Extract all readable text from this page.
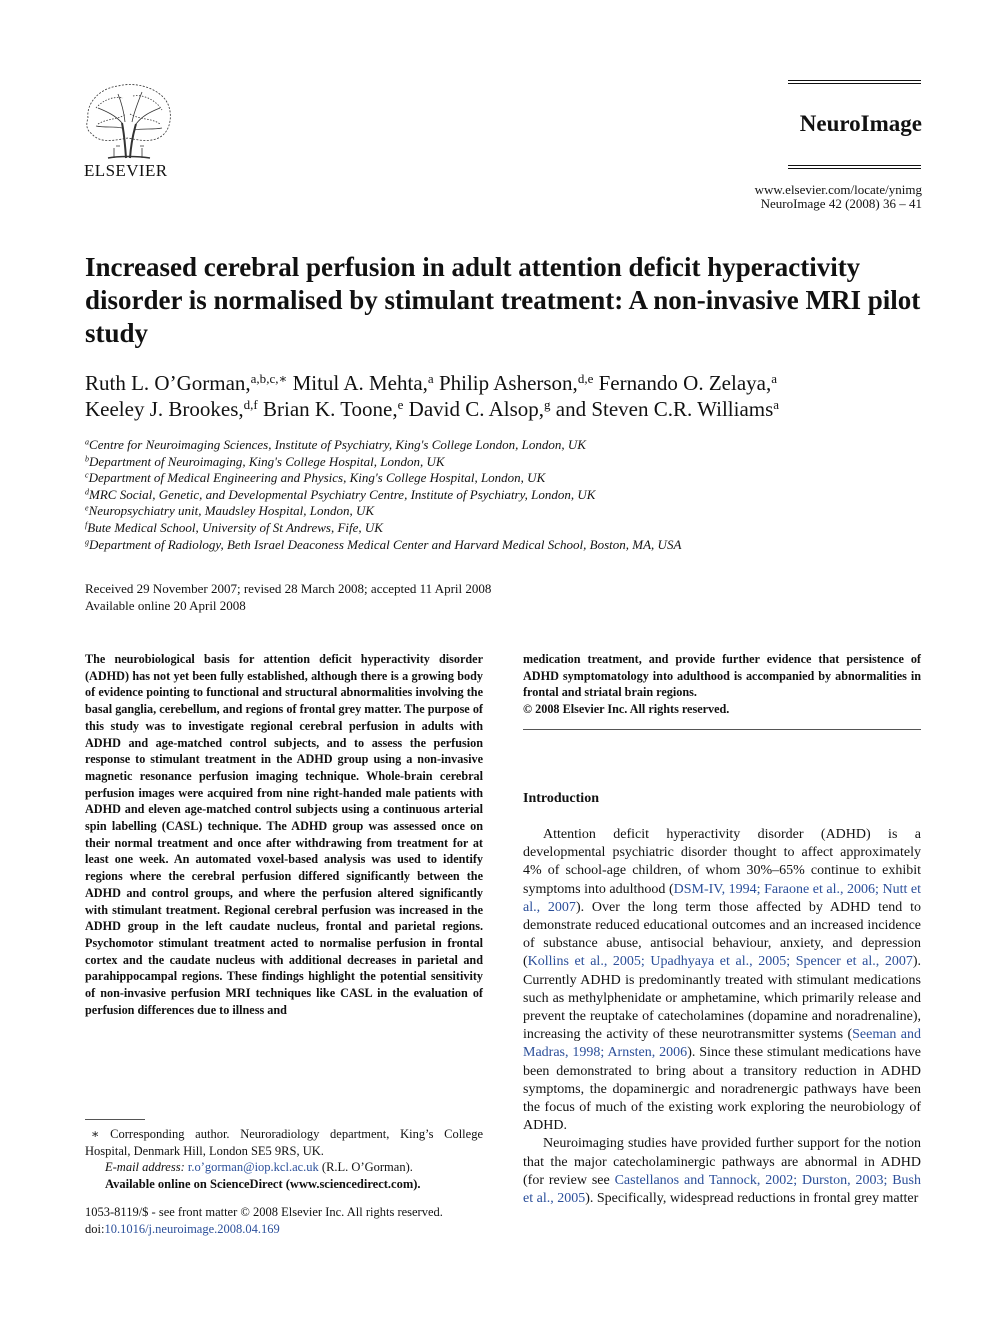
ELSEVIER
NeuroImage
www.elsevier.com/locate/ynimg
NeuroImage 42 (2008) 36 – 41
Increased cerebral perfusion in adult attention deficit hyperactivity disorder is normalised by stimulant treatment: A non-invasive MRI pilot study
Ruth L. O’Gorman,$^{a,b,c,∗}$ Mitul A. Mehta,$^a$ Philip Asherson,$^{d,e}$ Fernando O. Zelaya,$^a$
Keeley J. Brookes,$^{d,f}$ Brian K. Toone,$^e$ David C. Alsop,$^g$ and Steven C.R. Williams$^a$
$^a$Centre for Neuroimaging Sciences, Institute of Psychiatry, King's College London, London, UK
$^b$Department of Neuroimaging, King's College Hospital, London, UK
$^c$Department of Medical Engineering and Physics, King's College Hospital, London, UK
$^d$MRC Social, Genetic, and Developmental Psychiatry Centre, Institute of Psychiatry, London, UK
$^e$Neuropsychiatry unit, Maudsley Hospital, London, UK
$^f$Bute Medical School, University of St Andrews, Fife, UK
$^g$Department of Radiology, Beth Israel Deaconess Medical Center and Harvard Medical School, Boston, MA, USA
Received 29 November 2007; revised 28 March 2008; accepted 11 April 2008
Available online 20 April 2008
The neurobiological basis for attention deficit hyperactivity disorder (ADHD) has not yet been fully established, although there is a growing body of evidence pointing to functional and structural abnormalities involving the basal ganglia, cerebellum, and regions of frontal grey matter. The purpose of this study was to investigate regional cerebral perfusion in adults with ADHD and age-matched control subjects, and to assess the perfusion response to stimulant treatment in the ADHD group using a non-invasive magnetic resonance perfusion imaging technique. Whole-brain cerebral perfusion images were acquired from nine right-handed male patients with ADHD and eleven age-matched control subjects using a continuous arterial spin labelling (CASL) technique. The ADHD group was assessed once on their normal treatment and once after withdrawing from treatment for at least one week. An automated voxel-based analysis was used to identify regions where the cerebral perfusion differed significantly between the ADHD and control groups, and where the perfusion altered significantly with stimulant treatment. Regional cerebral perfusion was increased in the ADHD group in the left caudate nucleus, frontal and parietal regions. Psychomotor stimulant treatment acted to normalise perfusion in frontal cortex and the caudate nucleus with additional decreases in parietal and parahippocampal regions. These findings highlight the potential sensitivity of non-invasive perfusion MRI techniques like CASL in the evaluation of perfusion differences due to illness and
medication treatment, and provide further evidence that persistence of ADHD symptomatology into adulthood is accompanied by abnormalities in frontal and striatal brain regions.
© 2008 Elsevier Inc. All rights reserved.
Introduction

Attention deficit hyperactivity disorder (ADHD) is a developmental psychiatric disorder thought to affect approximately 4% of school-age children, of whom 30%–65% continue to exhibit symptoms into adulthood (DSM-IV, 1994; Faraone et al., 2006; Nutt et al., 2007). Over the long term those affected by ADHD tend to demonstrate reduced educational outcomes and an increased incidence of substance abuse, antisocial behaviour, anxiety, and depression (Kollins et al., 2005; Upadhyaya et al., 2005; Spencer et al., 2007). Currently ADHD is predominantly treated with stimulant medications such as methylphenidate or amphetamine, which primarily release and prevent the reuptake of catecholamines (dopamine and noradrenaline), increasing the activity of these neurotransmitter systems (Seeman and Madras, 1998; Arnsten, 2006). Since these stimulant medications have been demonstrated to bring about a transitory reduction in ADHD symptoms, the dopaminergic and noradrenergic pathways have been the focus of much of the existing work exploring the neurobiology of ADHD.

Neuroimaging studies have provided further support for the notion that the major catecholaminergic pathways are abnormal in ADHD (for review see Castellanos and Tannock, 2002; Durston, 2003; Bush et al., 2005). Specifically, widespread reductions in frontal grey matter

∗ Corresponding author. Neuroradiology department, King’s College Hospital, Denmark Hill, London SE5 9RS, UK.

E-mail address: r.o’gorman@iop.kcl.ac.uk (R.L. O’Gorman).

Available online on ScienceDirect (www.sciencedirect.com).

1053-8119/$ - see front matter © 2008 Elsevier Inc. All rights reserved.
doi:10.1016/j.neuroimage.2008.04.169
